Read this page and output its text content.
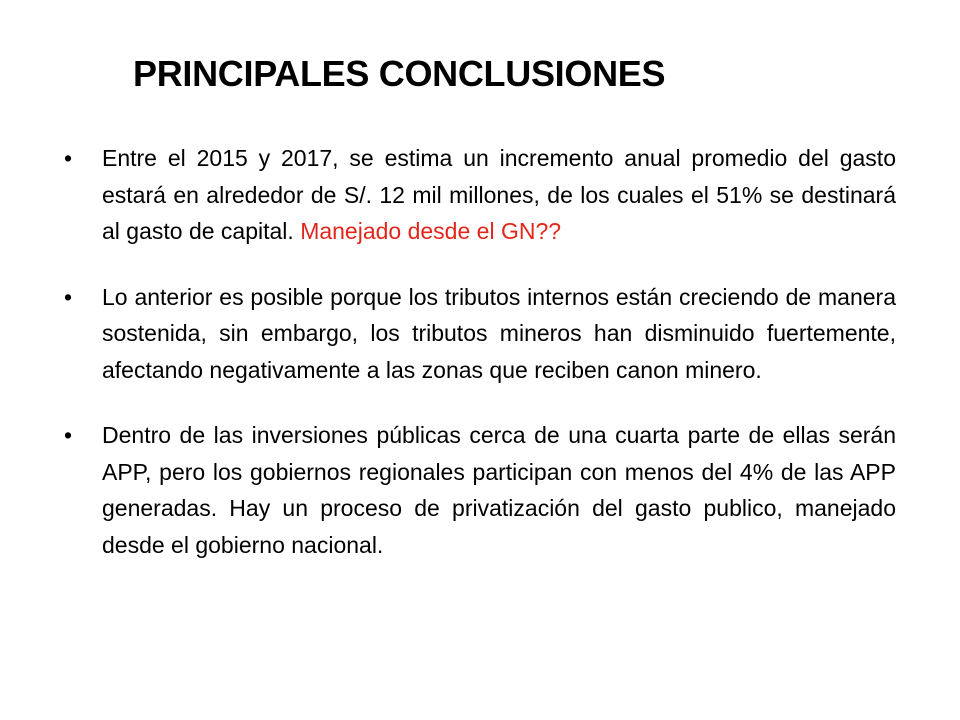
PRINCIPALES CONCLUSIONES
• Entre el 2015 y 2017, se estima un incremento anual promedio del gasto estará en alrededor de S/. 12 mil millones, de los cuales el 51% se destinará al gasto de capital. Manejado desde el GN??
• Lo anterior es posible porque los tributos internos están creciendo de manera sostenida, sin embargo, los tributos mineros han disminuido fuertemente, afectando negativamente a las zonas que reciben canon minero.
• Dentro de las inversiones públicas cerca de una cuarta parte de ellas serán APP, pero los gobiernos regionales participan con menos del 4% de las APP generadas. Hay un proceso de privatización del gasto publico, manejado desde el gobierno nacional.
